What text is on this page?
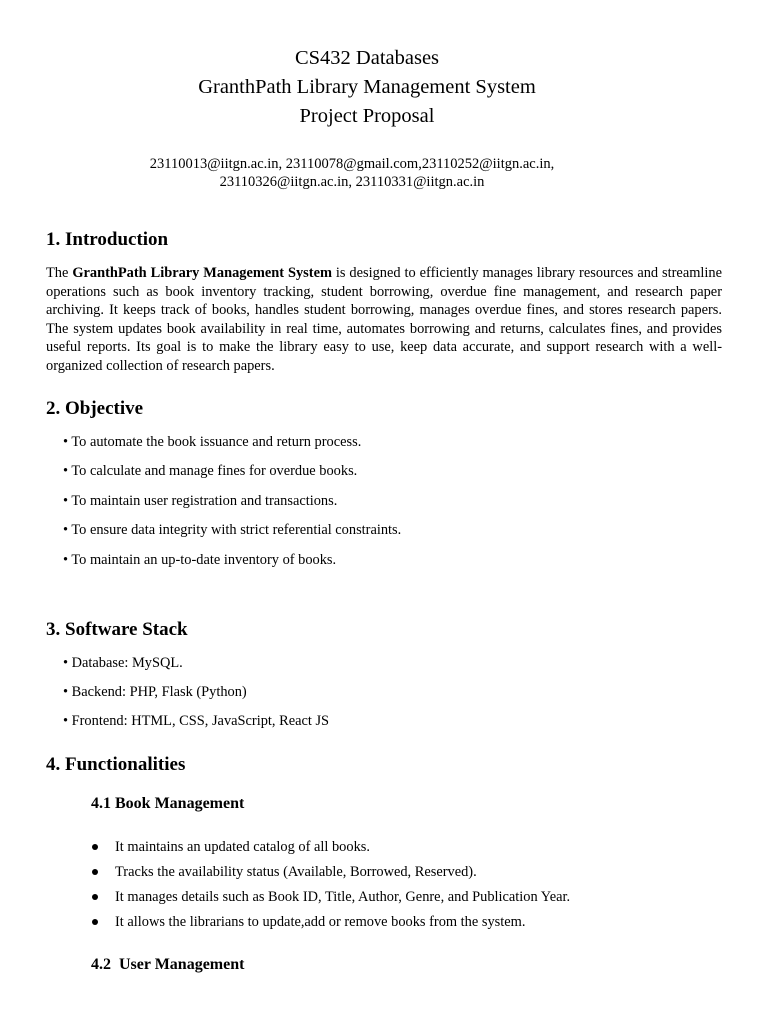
CS432 Databases
GranthPath Library Management System
Project Proposal
23110013@iitgn.ac.in, 23110078@gmail.com,23110252@iitgn.ac.in,
23110326@iitgn.ac.in, 23110331@iitgn.ac.in
1. Introduction
The GranthPath Library Management System is designed to efficiently manages library resources and streamline operations such as book inventory tracking, student borrowing, overdue fine management, and research paper archiving. It keeps track of books, handles student borrowing, manages overdue fines, and stores research papers. The system updates book availability in real time, automates borrowing and returns, calculates fines, and provides useful reports. Its goal is to make the library easy to use, keep data accurate, and support research with a well-organized collection of research papers.
2. Objective
• To automate the book issuance and return process.
• To calculate and manage fines for overdue books.
• To maintain user registration and transactions.
• To ensure data integrity with strict referential constraints.
• To maintain an up-to-date inventory of books.
3. Software Stack
• Database: MySQL.
• Backend: PHP, Flask (Python)
• Frontend: HTML, CSS, JavaScript, React JS
4. Functionalities
4.1 Book Management
It maintains an updated catalog of all books.
Tracks the availability status (Available, Borrowed, Reserved).
It manages details such as Book ID, Title, Author, Genre, and Publication Year.
It allows the librarians to update,add or remove books from the system.
4.2  User Management
